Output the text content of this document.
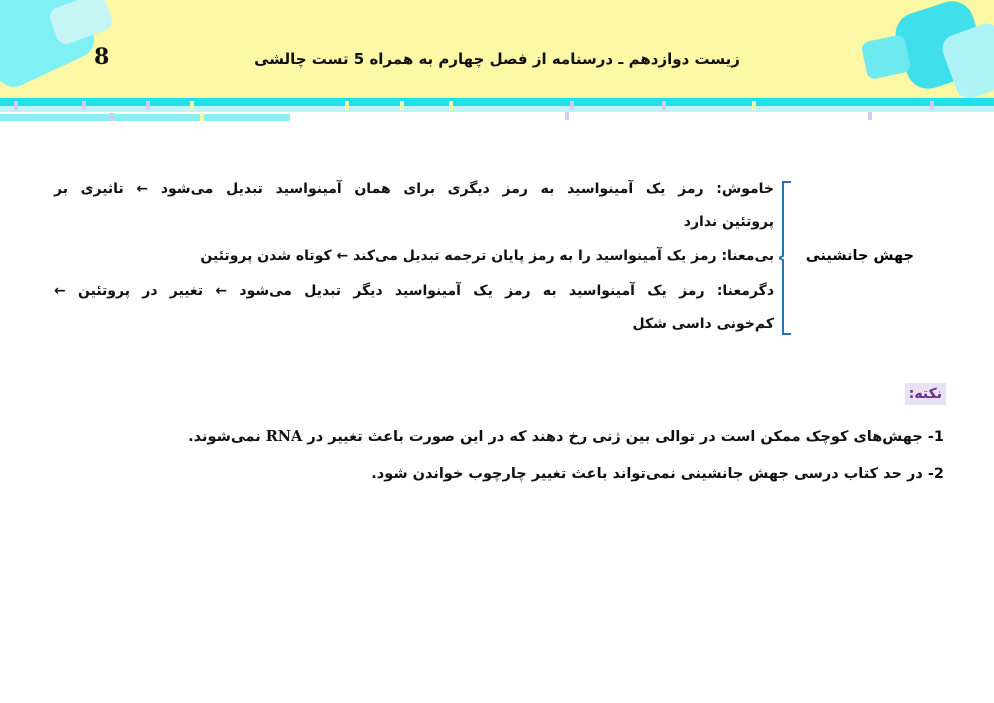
8	زیست دوازدهم ـ درسنامه از فصل چهارم به همراه 5 تست چالشی
جهش جانشینی
خاموش: رمز یک آمینواسید به رمز دیگری برای همان آمینواسید تبدیل می‌شود ← تاثیری بر
پروتئین ندارد
بی‌معنا: رمز یک آمینواسید را به رمز پایان ترجمه تبدیل می‌کند ← کوتاه شدن پروتئین
دگرمعنا: رمز یک آمینواسید به رمز یک آمینواسید دیگر تبدیل می‌شود ← تغییر در پروتئین ←
کم‌خونی داسی شکل
نکته:
1- جهش‌های کوچک ممکن است در توالی بین ژنی رخ دهند که در این صورت باعث تغییر در RNA نمی‌شوند.
2- در حد کتاب درسی جهش جانشینی نمی‌تواند باعث تغییر چارچوب خواندن شود.
